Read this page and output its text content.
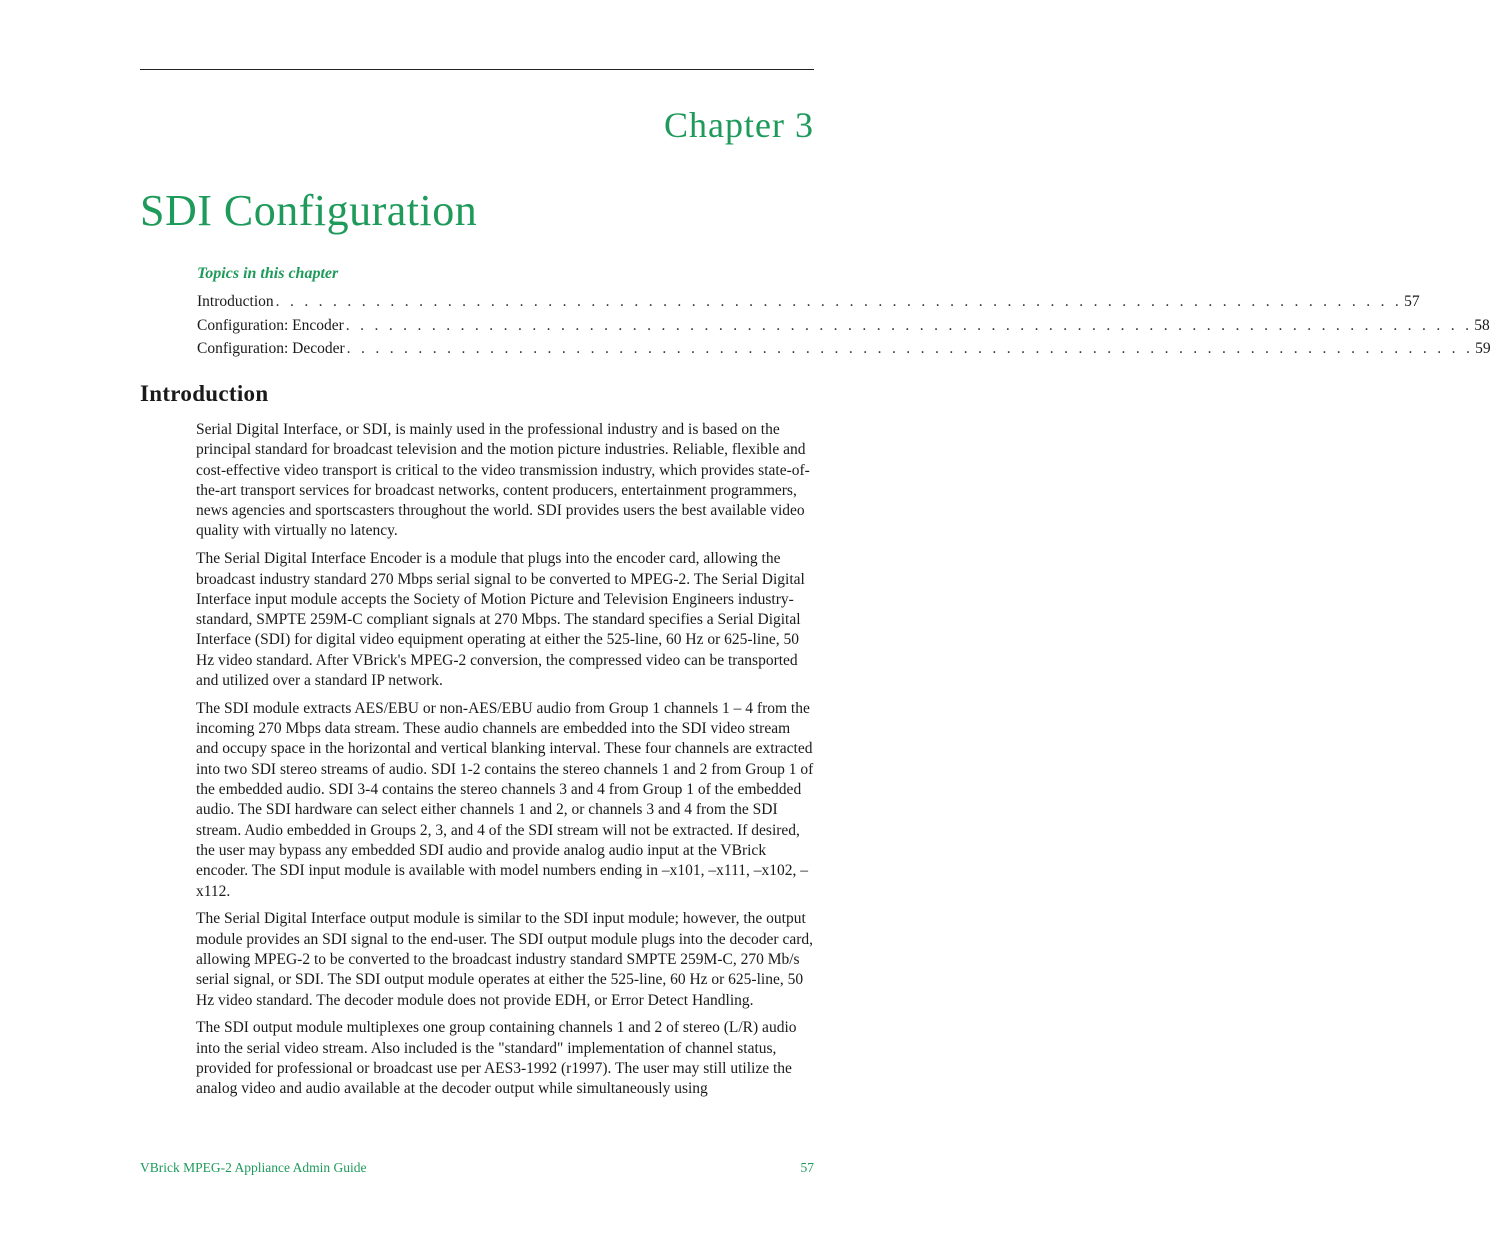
Chapter 3
SDI Configuration
Topics in this chapter
Introduction . . . . . . . . . . . . . . . . . . . . . . . . . . . . . . . . . . . . . . . . . . . . . . . . . . . . . . . . . . . . . . . . . . . . . . . . . . . . . . . 57
Configuration: Encoder . . . . . . . . . . . . . . . . . . . . . . . . . . . . . . . . . . . . . . . . . . . . . . . . . . . . . . . . . . . . . . . . . . . . . . . . . . . . . . . 58
Configuration: Decoder . . . . . . . . . . . . . . . . . . . . . . . . . . . . . . . . . . . . . . . . . . . . . . . . . . . . . . . . . . . . . . . . . . . . . . . . . . . . . . . 59
Introduction

Serial Digital Interface, or SDI, is mainly used in the professional industry and is based on the principal standard for broadcast television and the motion picture industries. Reliable, flexible and cost-effective video transport is critical to the video transmission industry, which provides state-of-the-art transport services for broadcast networks, content producers, entertainment programmers, news agencies and sportscasters throughout the world. SDI provides users the best available video quality with virtually no latency.

The Serial Digital Interface Encoder is a module that plugs into the encoder card, allowing the broadcast industry standard 270 Mbps serial signal to be converted to MPEG-2. The Serial Digital Interface input module accepts the Society of Motion Picture and Television Engineers industry-standard, SMPTE 259M-C compliant signals at 270 Mbps. The standard specifies a Serial Digital Interface (SDI) for digital video equipment operating at either the 525-line, 60 Hz or 625-line, 50 Hz video standard. After VBrick's MPEG-2 conversion, the compressed video can be transported and utilized over a standard IP network.

The SDI module extracts AES/EBU or non-AES/EBU audio from Group 1 channels 1 – 4 from the incoming 270 Mbps data stream. These audio channels are embedded into the SDI video stream and occupy space in the horizontal and vertical blanking interval. These four channels are extracted into two SDI stereo streams of audio. SDI 1-2 contains the stereo channels 1 and 2 from Group 1 of the embedded audio. SDI 3-4 contains the stereo channels 3 and 4 from Group 1 of the embedded audio. The SDI hardware can select either channels 1 and 2, or channels 3 and 4 from the SDI stream. Audio embedded in Groups 2, 3, and 4 of the SDI stream will not be extracted. If desired, the user may bypass any embedded SDI audio and provide analog audio input at the VBrick encoder. The SDI input module is available with model numbers ending in –x101, –x111, –x102, –x112.

The Serial Digital Interface output module is similar to the SDI input module; however, the output module provides an SDI signal to the end-user. The SDI output module plugs into the decoder card, allowing MPEG-2 to be converted to the broadcast industry standard SMPTE 259M-C, 270 Mb/s serial signal, or SDI. The SDI output module operates at either the 525-line, 60 Hz or 625-line, 50 Hz video standard. The decoder module does not provide EDH, or Error Detect Handling.

The SDI output module multiplexes one group containing channels 1 and 2 of stereo (L/R) audio into the serial video stream. Also included is the "standard" implementation of channel status, provided for professional or broadcast use per AES3-1992 (r1997). The user may still utilize the analog video and audio available at the decoder output while simultaneously using

VBrick MPEG-2 Appliance Admin Guide	57
